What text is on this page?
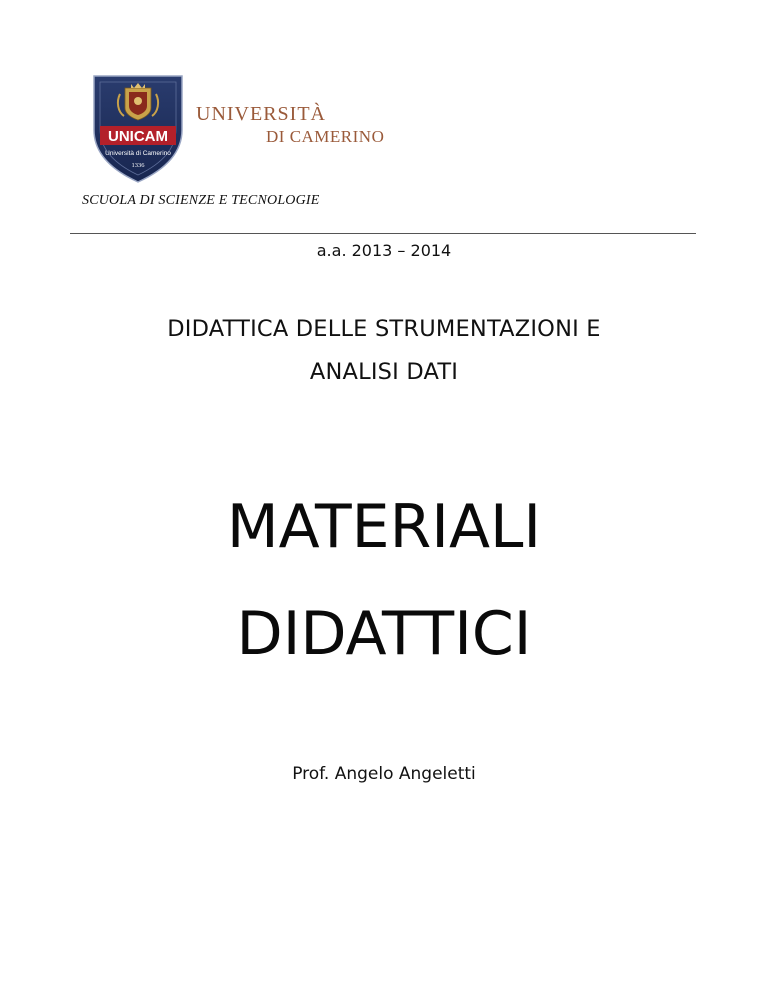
UNICAM
Università di Camerino
1336
UNIVERSITÀ
DI CAMERINO
SCUOLA DI SCIENZE E TECNOLOGIE
a.a. 2013 – 2014
DIDATTICA DELLE STRUMENTAZIONI E
ANALISI DATI
MATERIALI
DIDATTICI
Prof. Angelo Angeletti
